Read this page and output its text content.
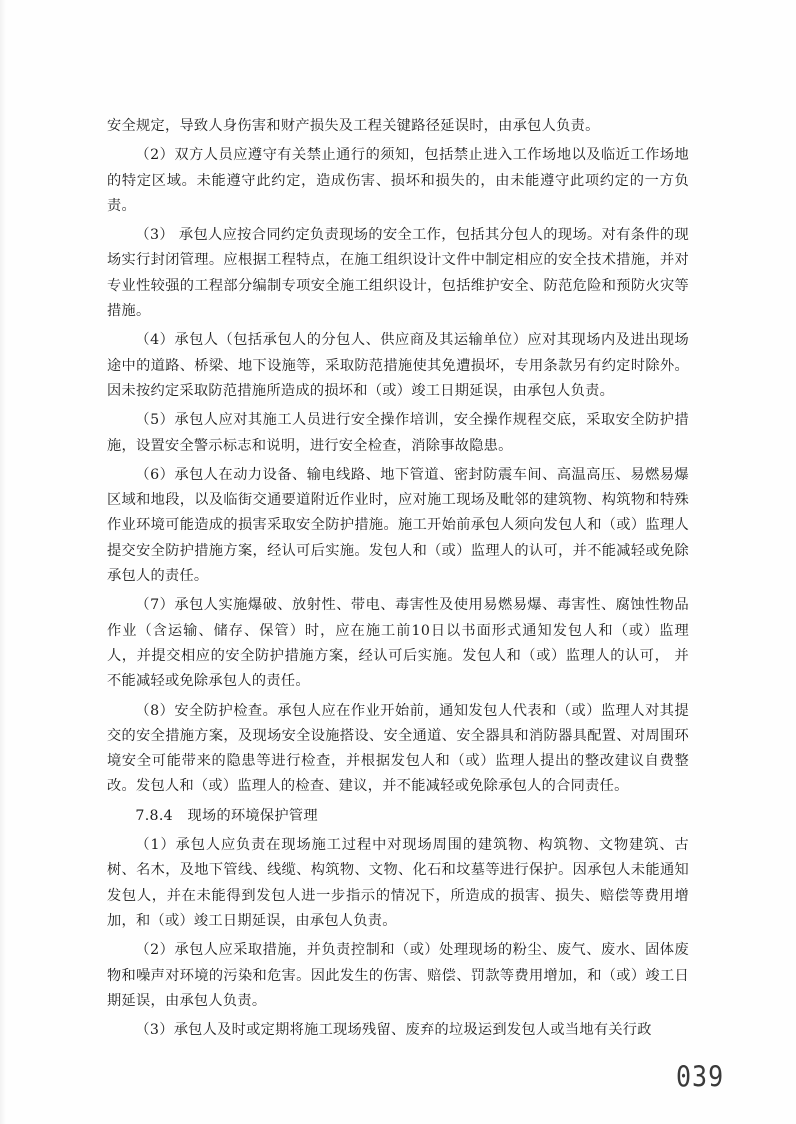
安全规定，导致人身伤害和财产损失及工程关键路径延误时，由承包人负责。

（2）双方人员应遵守有关禁止通行的须知，包括禁止进入工作场地以及临近工作场地的特定区域。未能遵守此约定，造成伤害、损坏和损失的，由未能遵守此项约定的一方负责。

（3） 承包人应按合同约定负责现场的安全工作，包括其分包人的现场。对有条件的现场实行封闭管理。应根据工程特点，在施工组织设计文件中制定相应的安全技术措施，并对专业性较强的工程部分编制专项安全施工组织设计，包括维护安全、防范危险和预防火灾等措施。

（4）承包人（包括承包人的分包人、供应商及其运输单位）应对其现场内及进出现场途中的道路、桥梁、地下设施等，采取防范措施使其免遭损坏，专用条款另有约定时除外。因未按约定采取防范措施所造成的损坏和（或）竣工日期延误，由承包人负责。

（5）承包人应对其施工人员进行安全操作培训，安全操作规程交底，采取安全防护措施，设置安全警示标志和说明，进行安全检查，消除事故隐患。

（6）承包人在动力设备、输电线路、地下管道、密封防震车间、高温高压、易燃易爆区域和地段，以及临街交通要道附近作业时，应对施工现场及毗邻的建筑物、构筑物和特殊作业环境可能造成的损害采取安全防护措施。施工开始前承包人须向发包人和（或）监理人提交安全防护措施方案，经认可后实施。发包人和（或）监理人的认可，并不能减轻或免除承包人的责任。

（7）承包人实施爆破、放射性、带电、毒害性及使用易燃易爆、毒害性、腐蚀性物品作业（含运输、储存、保管）时，应在施工前10日以书面形式通知发包人和（或）监理人，并提交相应的安全防护措施方案，经认可后实施。发包人和（或）监理人的认可， 并不能减轻或免除承包人的责任。

（8）安全防护检查。承包人应在作业开始前，通知发包人代表和（或）监理人对其提交的安全措施方案，及现场安全设施搭设、安全通道、安全器具和消防器具配置、对周围环境安全可能带来的隐患等进行检查，并根据发包人和（或）监理人提出的整改建议自费整改。发包人和（或）监理人的检查、建议，并不能减轻或免除承包人的合同责任。

7.8.4　现场的环境保护管理

（1）承包人应负责在现场施工过程中对现场周围的建筑物、构筑物、文物建筑、古树、名木，及地下管线、线缆、构筑物、文物、化石和坟墓等进行保护。因承包人未能通知发包人，并在未能得到发包人进一步指示的情况下，所造成的损害、损失、赔偿等费用增加，和（或）竣工日期延误，由承包人负责。

（2）承包人应采取措施，并负责控制和（或）处理现场的粉尘、废气、废水、固体废物和噪声对环境的污染和危害。因此发生的伤害、赔偿、罚款等费用增加，和（或）竣工日期延误，由承包人负责。

（3）承包人及时或定期将施工现场残留、废弃的垃圾运到发包人或当地有关行政

039
